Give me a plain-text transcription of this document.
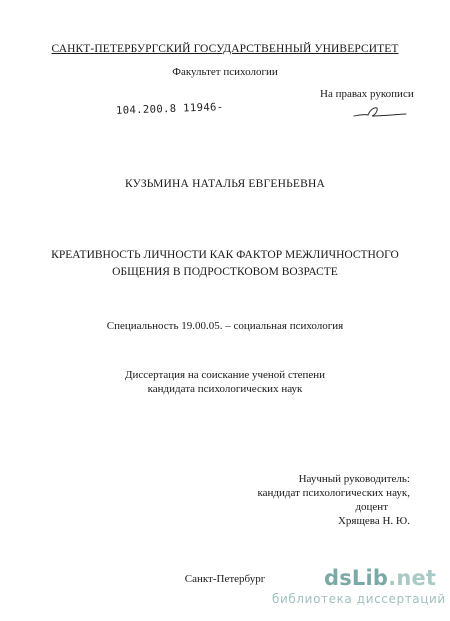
САНКТ-ПЕТЕРБУРГСКИЙ ГОСУДАРСТВЕННЫЙ УНИВЕРСИТЕТ
Факультет психологии
На правах рукописи
104.200.8 11946-
КУЗЬМИНА НАТАЛЬЯ ЕВГЕНЬЕВНА
КРЕАТИВНОСТЬ ЛИЧНОСТИ КАК ФАКТОР МЕЖЛИЧНОСТНОГО
ОБЩЕНИЯ В ПОДРОСТКОВОМ ВОЗРАСТЕ
Специальность 19.00.05. – социальная психология
Диссертация на соискание ученой степени
кандидата психологических наук
Научный руководитель:
кандидат психологических наук,
доцент
Хрящева Н. Ю.
Санкт-Петербург	dsLib.net
библиотека диссертаций
